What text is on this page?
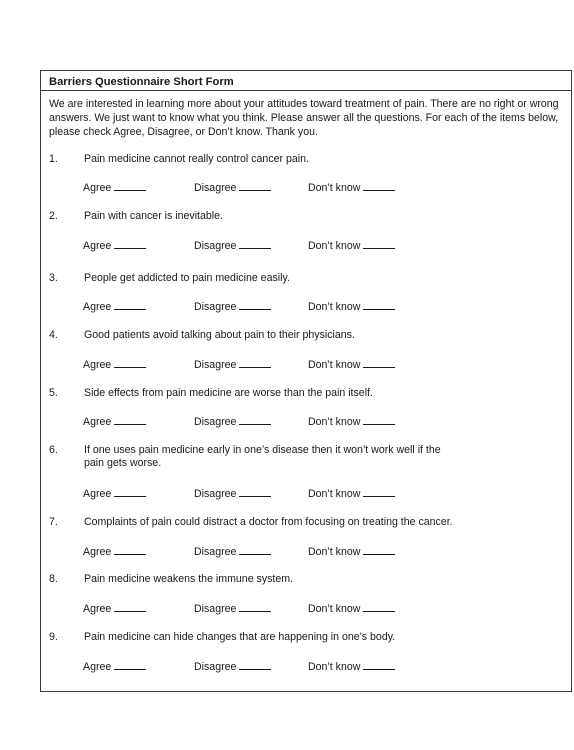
Barriers Questionnaire Short Form

We are interested in learning more about your attitudes toward treatment of pain. There are no right or wrong answers. We just want to know what you think. Please answer all the questions. For each of the items below, please check Agree, Disagree, or Don’t know. Thank you.

1. Pain medicine cannot really control cancer pain.
Agree	Disagree	Don’t know
2. Pain with cancer is inevitable.
Agree	Disagree	Don’t know
3. People get addicted to pain medicine easily.
Agree	Disagree	Don’t know
4. Good patients avoid talking about pain to their physicians.
Agree	Disagree	Don’t know
5. Side effects from pain medicine are worse than the pain itself.
Agree	Disagree	Don’t know
6. If one uses pain medicine early in one’s disease then it won’t work well if the pain gets worse.
Agree	Disagree	Don’t know
7. Complaints of pain could distract a doctor from focusing on treating the cancer.
Agree	Disagree	Don’t know
8. Pain medicine weakens the immune system.
Agree	Disagree	Don’t know
9. Pain medicine can hide changes that are happening in one’s body.
Agree	Disagree	Don’t know
